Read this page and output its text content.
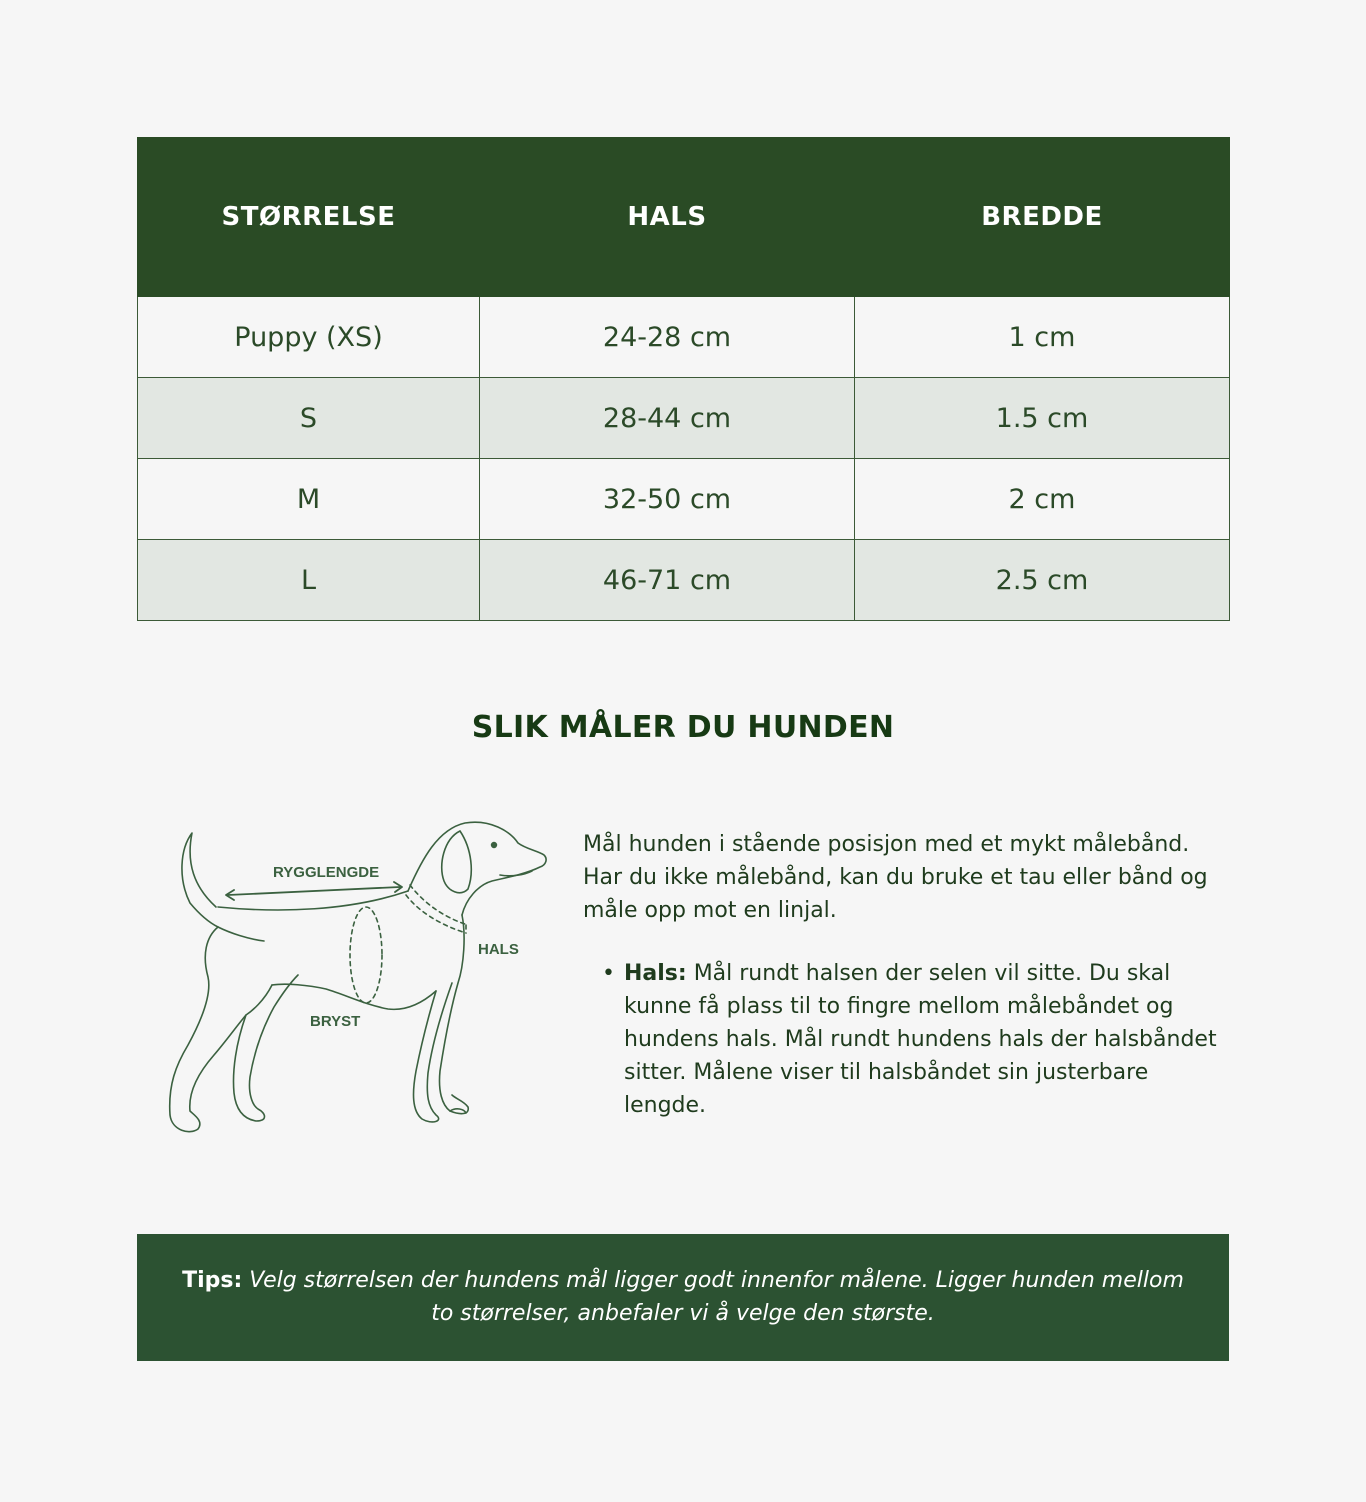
STØRRELSE	HALS	BREDDE
Puppy (XS)	24-28 cm	1 cm
S	28-44 cm	1.5 cm
M	32-50 cm	2 cm
L	46-71 cm	2.5 cm
SLIK MÅLER DU HUNDEN
RYGGLENGDE
HALS
BRYST

Mål hunden i stående posisjon med et mykt målebånd. Har du ikke målebånd, kan du bruke et tau eller bånd og måle opp mot en linjal.

• Hals: Mål rundt halsen der selen vil sitte. Du skal kunne få plass til to fingre mellom målebåndet og hundens hals. Mål rundt hundens hals der halsbåndet sitter. Målene viser til halsbåndet sin justerbare lengde.
Tips: Velg størrelsen der hundens mål ligger godt innenfor målene. Ligger hunden mellom to størrelser, anbefaler vi å velge den største.
